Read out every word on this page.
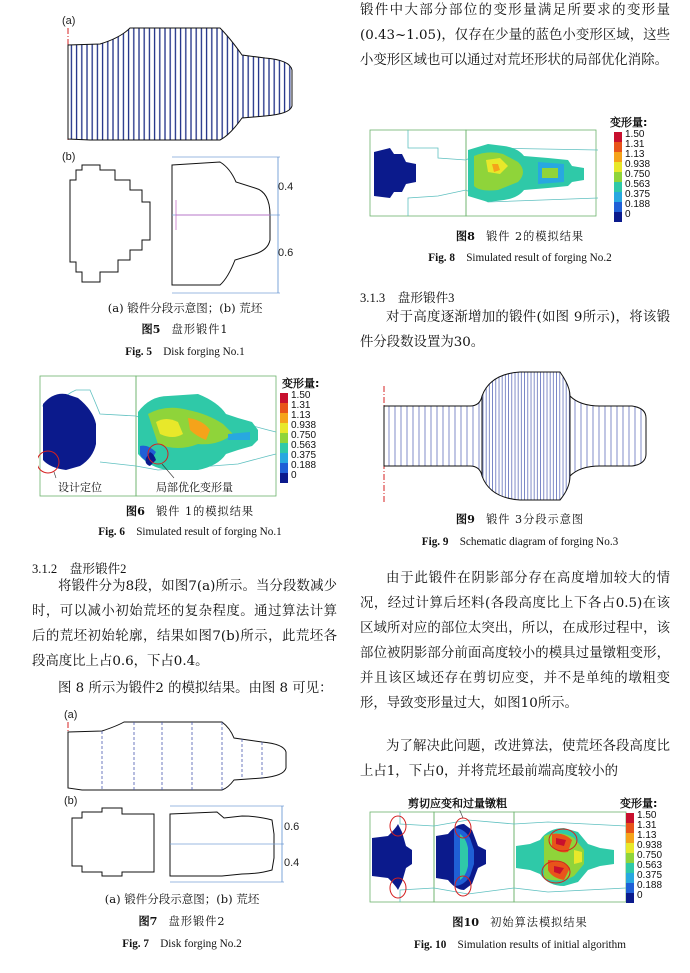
(a)
(b)
0.4
0.6
(a) 锻件分段示意图；(b) 荒坯
图5　 盘形锻件1
Fig. 5　 Disk forging No.1
设计定位	局部优化变形量
变形量:
1.50
1.31
1.13
0.938
0.750
0.563
0.375
0.188
0
图6　 锻件 1的模拟结果
Fig. 6　 Simulated result of forging No.1
3.1.2　盘形锻件2
将锻件分为8段，如图7(a)所示。当分段数减少时，可以减小初始荒坯的复杂程度。通过算法计算后的荒坯初始轮廓，结果如图7(b)所示，此荒坯各段高度比上占0.6，下占0.4。
图 8 所示为锻件2 的模拟结果。由图 8 可见：
(a)
(b)
0.6
0.4
(a) 锻件分段示意图；(b) 荒坯
图7　 盘形锻件2
Fig. 7　 Disk forging No.2
锻件中大部分部位的变形量满足所要求的变形量(0.43~1.05)，仅存在少量的蓝色小变形区域，这些小变形区域也可以通过对荒坯形状的局部优化消除。
变形量:
1.50
1.31
1.13
0.938
0.750
0.563
0.375
0.188
0
图8　 锻件 2的模拟结果
Fig. 8　 Simulated result of forging No.2
3.1.3　盘形锻件3
对于高度逐渐增加的锻件(如图 9所示)，将该锻件分段数设置为30。
图9　 锻件 3分段示意图
Fig. 9　 Schematic diagram of forging No.3
由于此锻件在阴影部分存在高度增加较大的情况，经过计算后坯料(各段高度比上下各占0.5)在该区域所对应的部位太突出，所以，在成形过程中，该部位被阴影部分前面高度较小的模具过量镦粗变形，并且该区域还存在剪切应变，并不是单纯的墩粗变形，导致变形量过大，如图10所示。
为了解决此问题，改进算法，使荒坯各段高度比上占1，下占0，并将荒坯最前端高度较小的
剪切应变和过量镦粗	变形量:
1.50
1.31
1.13
0.938
0.750
0.563
0.375
0.188
0
图10　 初始算法模拟结果
Fig. 10　 Simulation results of initial algorithm
